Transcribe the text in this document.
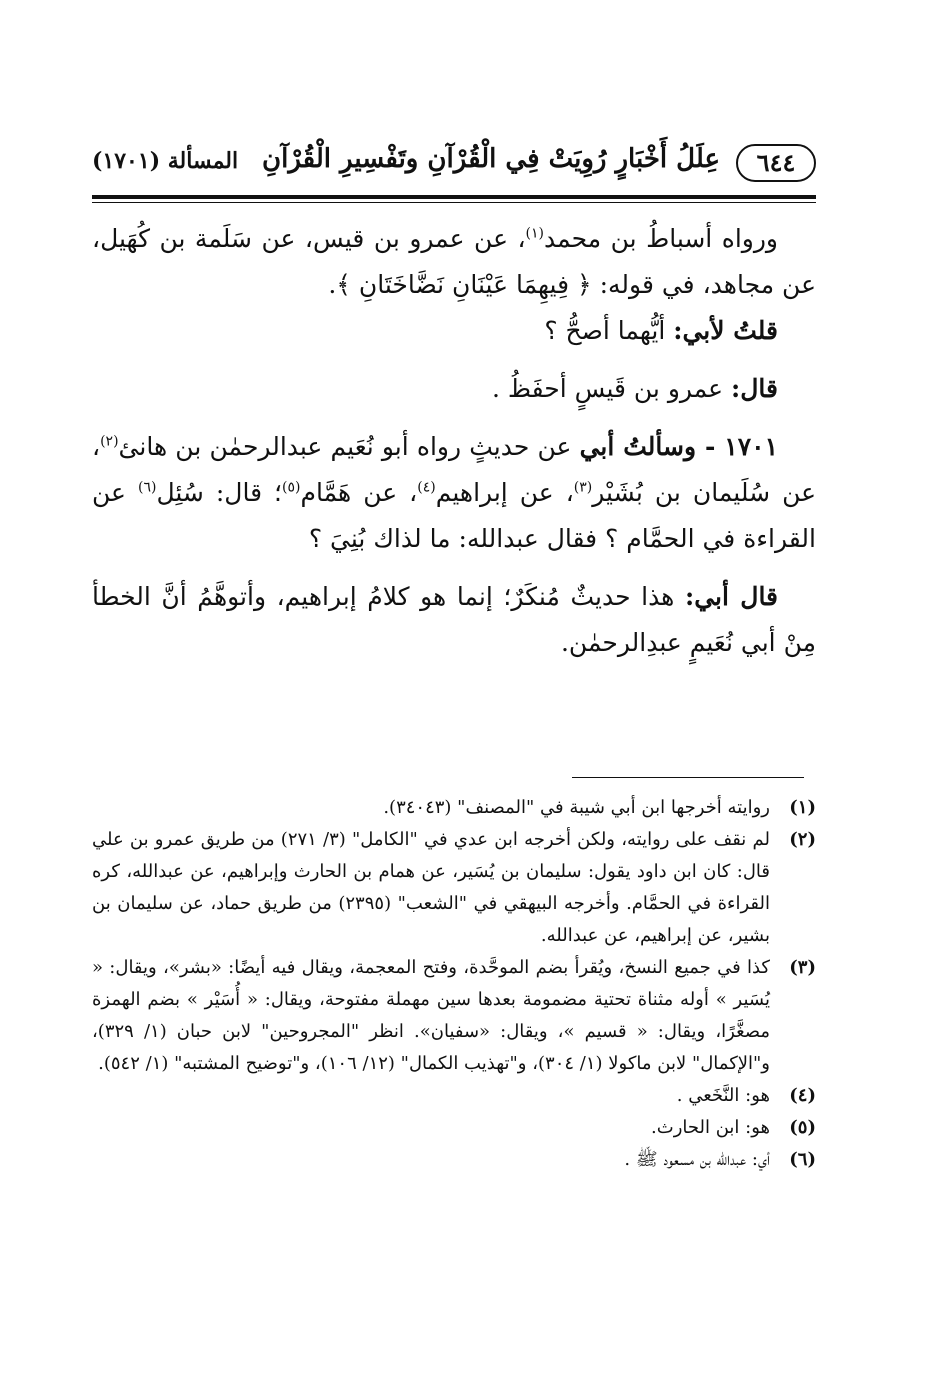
٦٤٤
عِلَلُ أَخْبَارٍ رُوِيَتْ فِي الْقُرْآنِ وتَفْسِيرِ الْقُرْآنِ
المسألة (١٧٠١)

ورواه أسباطُ بن محمد$^{(١)}$، عن عمرو بن قيس، عن سَلَمة بن كُهَيل، عن مجاهد، في قوله: ﴿ فِيهِمَا عَيْنَانِ نَضَّاخَتَانِ ﴾.

قلتُ لأبي: أيُّهما أصحُّ ؟

قال: عمرو بن قَيسٍ أحفَظُ .

١٧٠١ - وسألتُ أبي عن حديثٍ رواه أبو نُعَيم عبدالرحمٰن بن هانئ$^{(٢)}$، عن سُلَيمان بن بُشَيْر$^{(٣)}$، عن إبراهيم$^{(٤)}$، عن هَمَّام$^{(٥)}$؛ قال: سُئِل$^{(٦)}$ عن القراءة في الحمَّام ؟ فقال عبدالله: ما لذاك بُنِيَ ؟

قال أبي: هذا حديثٌ مُنكَرٌ؛ إنما هو كلامُ إبراهيم، وأتوهَّمُ أنَّ الخطأ مِنْ أبي نُعَيمٍ عبدِالرحمٰن.

(١)
روايته أخرجها ابن أبي شيبة في "المصنف" (٣٤٠٤٣).

(٢)
لم نقف على روايته، ولكن أخرجه ابن عدي في "الكامل" (٣/ ٢٧١) من طريق عمرو بن علي قال: كان ابن داود يقول: سليمان بن يُسَير، عن همام بن الحارث وإبراهيم، عن عبدالله، كره القراءة في الحمَّام. وأخرجه البيهقي في "الشعب" (٢٣٩٥) من طريق حماد، عن سليمان بن بشير، عن إبراهيم، عن عبدالله.

(٣)
كذا في جميع النسخ، ويُقرأ بضم الموحَّدة، وفتح المعجمة، ويقال فيه أيضًا: «بشر»، ويقال: « يُسَير » أوله مثناة تحتية مضمومة بعدها سين مهملة مفتوحة، ويقال: « أُسَيْر » بضم الهمزة مصغَّرًا، ويقال: « قسيم »، ويقال: «سفيان». انظر "المجروحين" لابن حبان (١/ ٣٢٩)، و"الإكمال" لابن ماكولا (١/ ٣٠٤)، و"تهذيب الكمال" (١٢/ ١٠٦)، و"توضيح المشتبه" (١/ ٥٤٢).

(٤)
هو: النَّخَعي .

(٥)
هو: ابن الحارث.

(٦)
أي: عبدالله بن مسعود ﷺ .
